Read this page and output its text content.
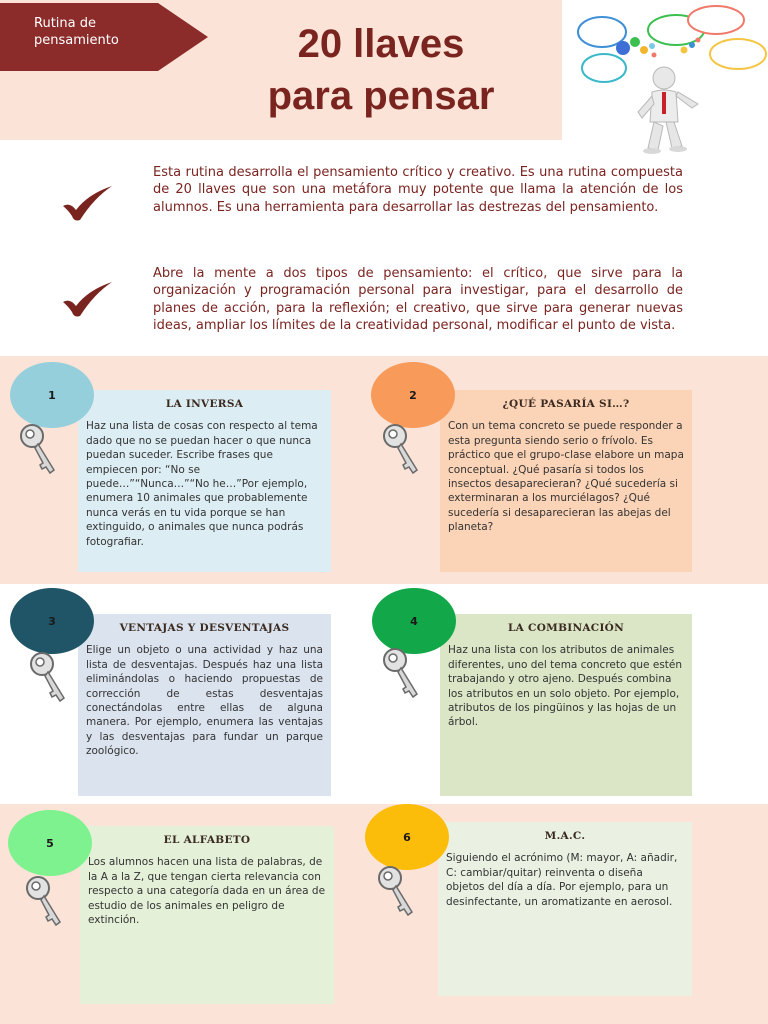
Rutina de pensamiento	20 llaves
para pensar
Esta rutina desarrolla el pensamiento crítico y creativo. Es una rutina compuesta de 20 llaves que son una metáfora muy potente que llama la atención de los alumnos. Es una herramienta para desarrollar las destrezas del pensamiento.
Abre la mente a dos tipos de pensamiento: el crítico, que sirve para la organización y programación personal para investigar, para el desarrollo de planes de acción, para la reflexión; el creativo, que sirve para generar nuevas ideas, ampliar los límites de la creatividad personal, modificar el punto de vista.
LA INVERSA
Haz una lista de cosas con respecto al tema dado que no se puedan hacer o que nunca puedan suceder. Escribe frases que empiecen por: “No se puede…”“Nunca…”“No he…”Por ejemplo, enumera 10 animales que probablemente nunca verás en tu vida porque se han extinguido, o animales que nunca podrás fotografiar.
1
¿QUÉ PASARÍA SI…?
Con un tema concreto se puede responder a esta pregunta siendo serio o frívolo. Es práctico que el grupo-clase elabore un mapa conceptual. ¿Qué pasaría si todos los insectos desaparecieran? ¿Qué sucedería si exterminaran a los murciélagos? ¿Qué sucedería si desaparecieran las abejas del planeta?
2
VENTAJAS Y DESVENTAJAS
Elige un objeto o una actividad y haz una lista de desventajas. Después haz una lista eliminándolas o haciendo propuestas de corrección de estas desventajas conectándolas entre ellas de alguna manera. Por ejemplo, enumera las ventajas y las desventajas para fundar un parque zoológico.
3
LA COMBINACIÓN
Haz una lista con los atributos de animales diferentes, uno del tema concreto que estén trabajando y otro ajeno. Después combina los atributos en un solo objeto. Por ejemplo, atributos de los pingüinos y las hojas de un árbol.
4
EL ALFABETO
Los alumnos hacen una lista de palabras, de la A a la Z, que tengan cierta relevancia con respecto a una categoría dada en un área de estudio de los animales en peligro de extinción.
5
M.A.C.
Siguiendo el acrónimo (M: mayor, A: añadir, C: cambiar/quitar) reinventa o diseña objetos del día a día. Por ejemplo, para un desinfectante, un aromatizante en aerosol.
6
